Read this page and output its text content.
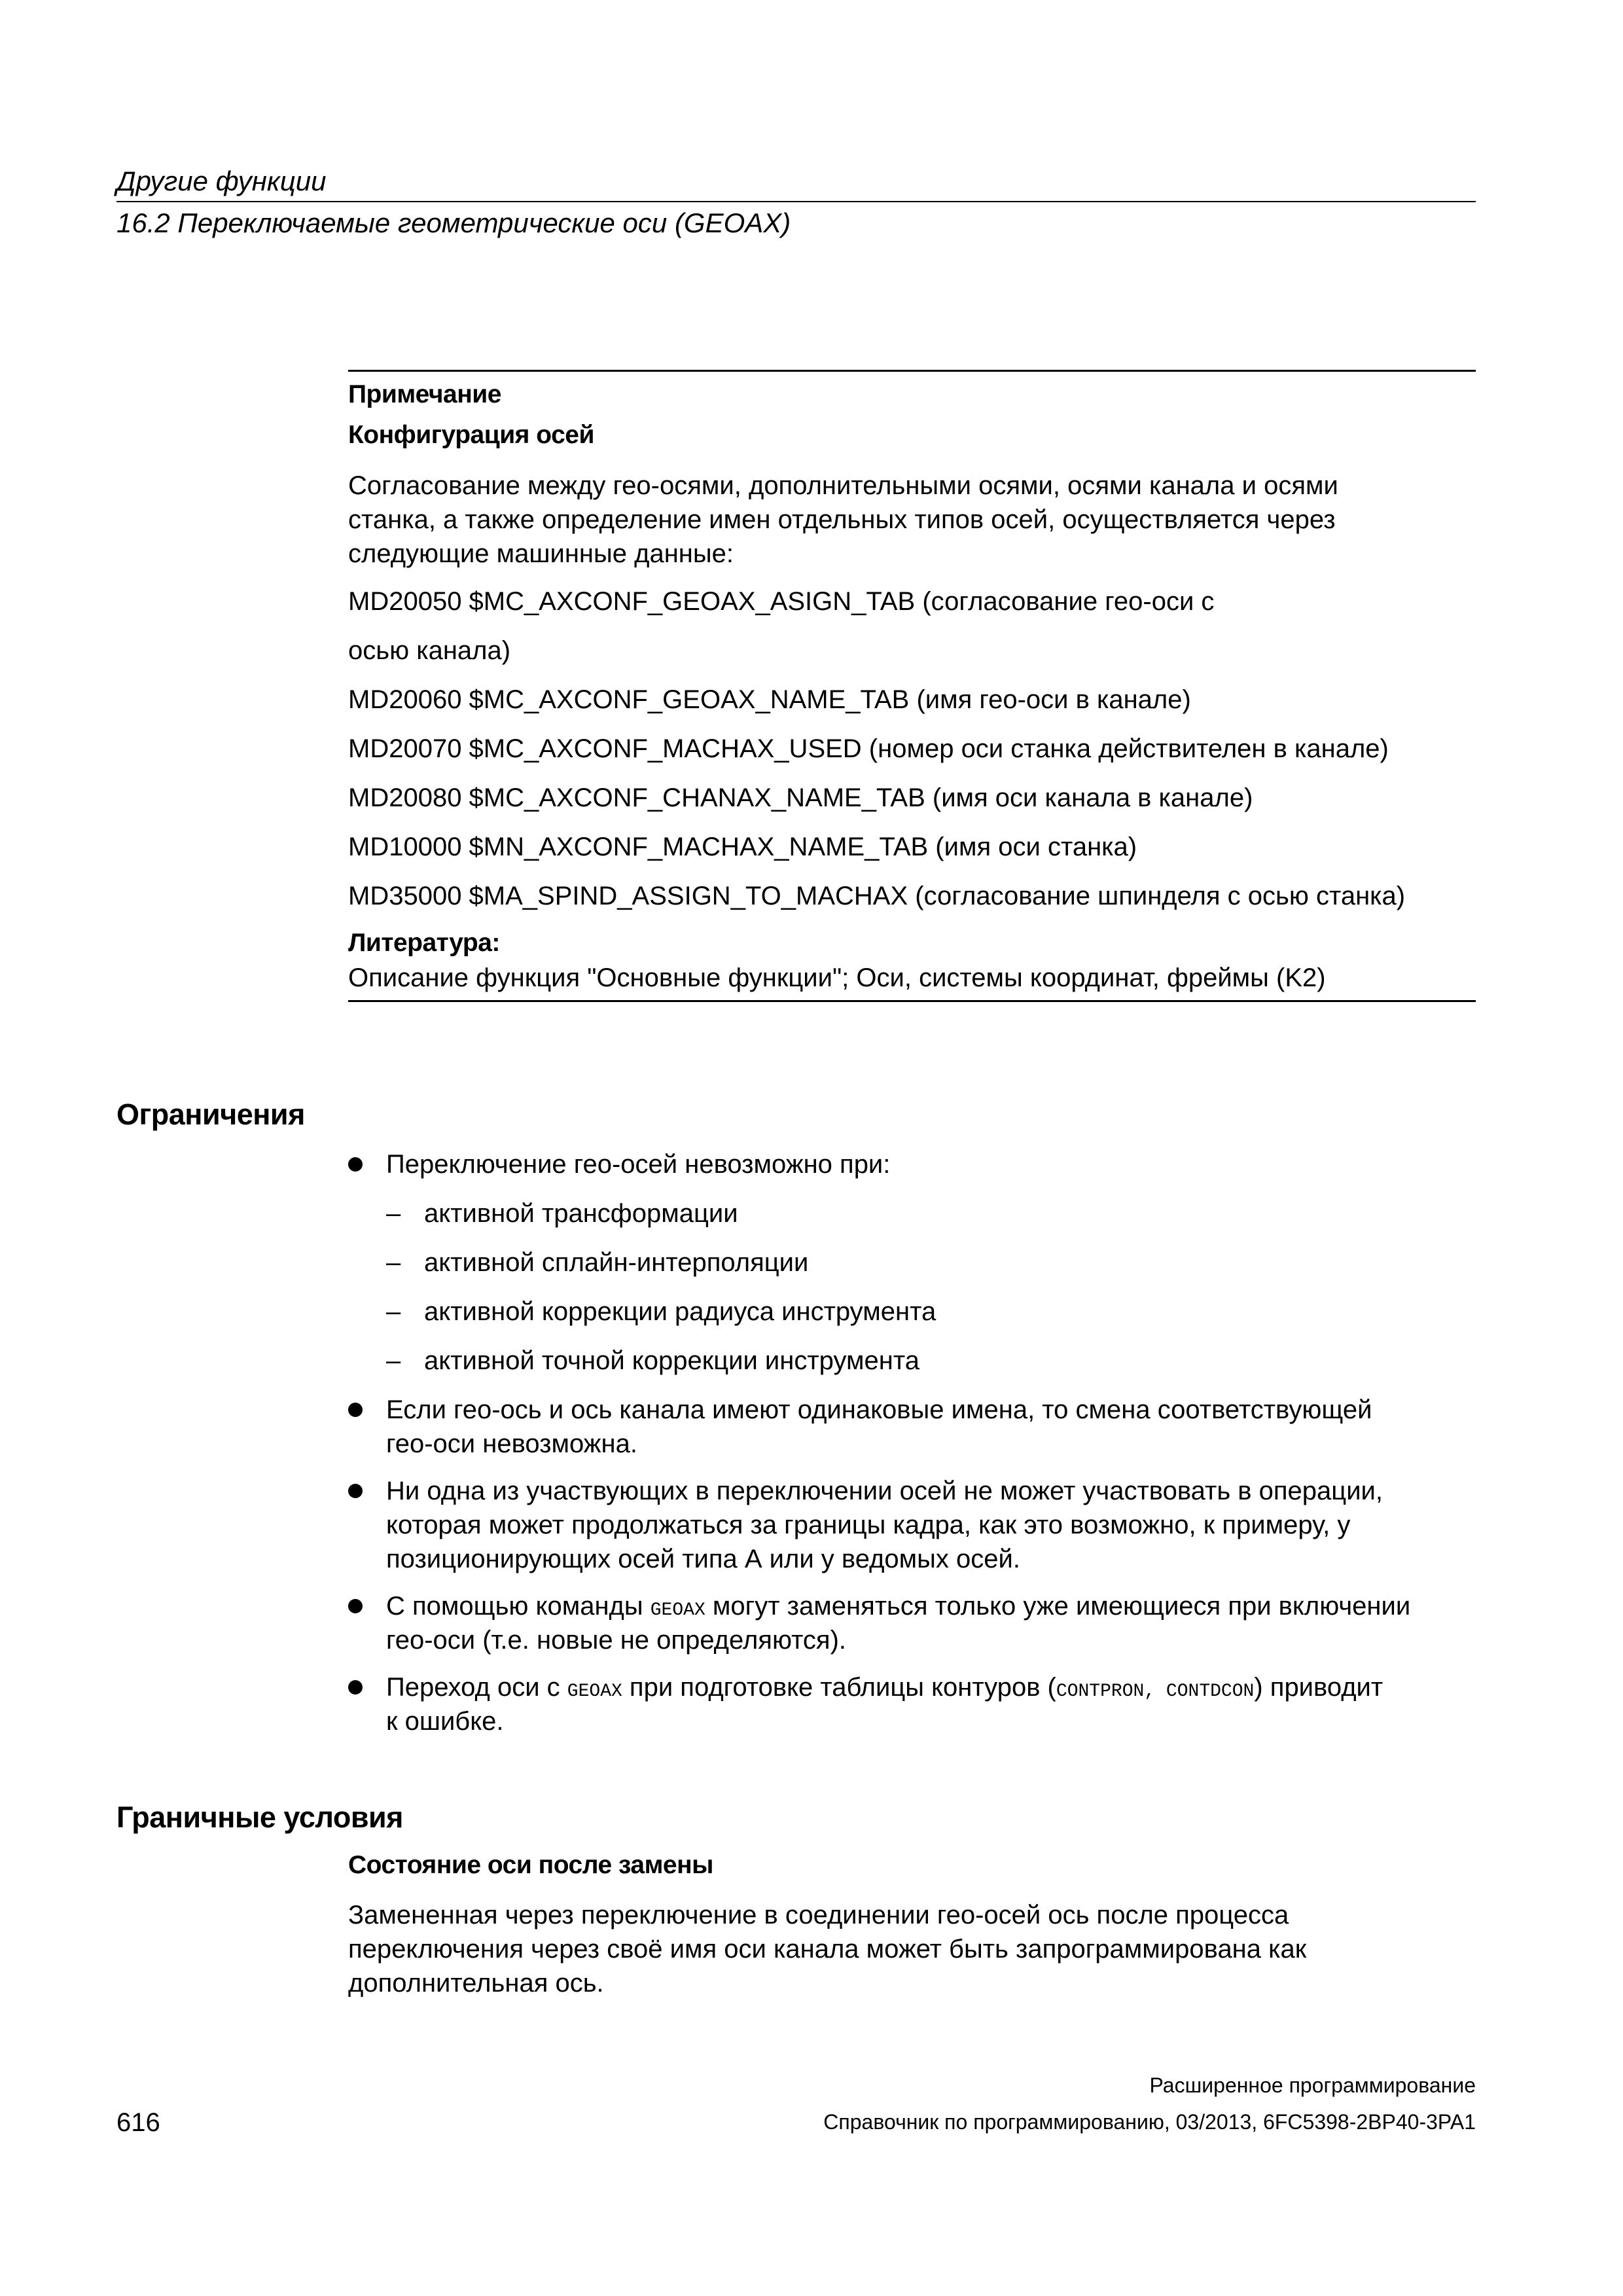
Другие функции
16.2 Переключаемые геометрические оси (GEOAX)
Примечание
Конфигурация осей
Согласование между гео-осями, дополнительными осями, осями канала и осями
станка, а также определение имен отдельных типов осей, осуществляется через
следующие машинные данные:
MD20050 $MC_AXCONF_GEOAX_ASIGN_TAB (согласование гео-оси с
осью канала)
MD20060 $MC_AXCONF_GEOAX_NAME_TAB (имя гео-оси в канале)
MD20070 $MC_AXCONF_MACHAX_USED (номер оси станка действителен в канале)
MD20080 $MC_AXCONF_CHANAX_NAME_TAB (имя оси канала в канале)
MD10000 $MN_AXCONF_MACHAX_NAME_TAB (имя оси станка)
MD35000 $MA_SPIND_ASSIGN_TO_MACHAX (согласование шпинделя с осью станка)
Литература:
Описание функция "Основные функции"; Оси, системы координат, фреймы (K2)
Ограничения
Переключение гео-осей невозможно при:
– активной трансформации
– активной сплайн-интерполяции
– активной коррекции радиуса инструмента
– активной точной коррекции инструмента
Если гео-ось и ось канала имеют одинаковые имена, то смена соответствующей
гео-оси невозможна.
Ни одна из участвующих в переключении осей не может участвовать в операции,
которая может продолжаться за границы кадра, как это возможно, к примеру, у
позиционирующих осей типа А или у ведомых осей.
С помощью команды GEOAX могут заменяться только уже имеющиеся при включении
гео-оси (т.е. новые не определяются).
Переход оси с GEOAX при подготовке таблицы контуров (CONTPRON, CONTDCON) приводит
к ошибке.
Граничные условия
Состояние оси после замены
Замененная через переключение в соединении гео-осей ось после процесса
переключения через своё имя оси канала может быть запрограммирована как
дополнительная ось.
616
Расширенное программирование
Справочник по программированию, 03/2013, 6FC5398-2BP40-3PA1
